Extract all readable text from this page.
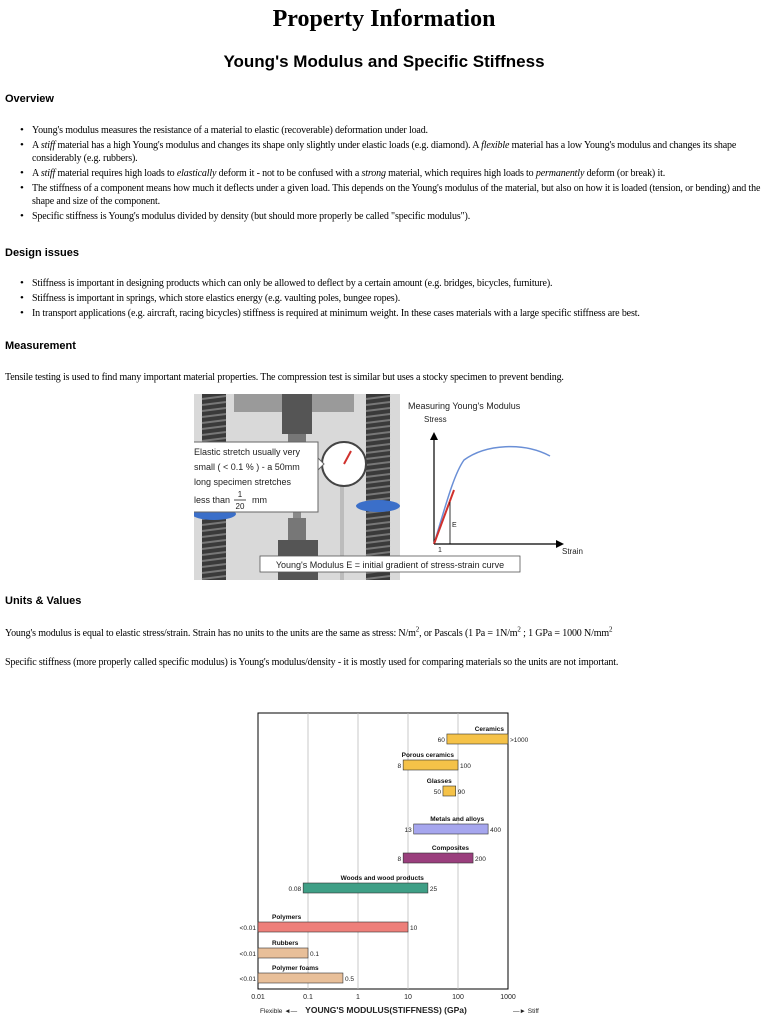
Property Information
Young's Modulus and Specific Stiffness
Overview
• Young's modulus measures the resistance of a material to elastic (recoverable) deformation under load.
• A stiff material has a high Young's modulus and changes its shape only slightly under elastic loads (e.g. diamond). A flexible material has a low Young's modulus and changes its shape considerably (e.g. rubbers).
• A stiff material requires high loads to elastically deform it - not to be confused with a strong material, which requires high loads to permanently deform (or break) it.
• The stiffness of a component means how much it deflects under a given load. This depends on the Young's modulus of the material, but also on how it is loaded (tension, or bending) and the shape and size of the component.
• Specific stiffness is Young's modulus divided by density (but should more properly be called "specific modulus").
Design issues
• Stiffness is important in designing products which can only be allowed to deflect by a certain amount (e.g. bridges, bicycles, furniture).
• Stiffness is important in springs, which store elastics energy (e.g. vaulting poles, bungee ropes).
• In transport applications (e.g. aircraft, racing bicycles) stiffness is required at minimum weight. In these cases materials with a large specific stiffness are best.
Measurement

Tensile testing is used to find many important material properties. The compression test is similar but uses a stocky specimen to prevent bending.

Elastic stretch usually very
small ( < 0.1 % ) - a 50mm
long specimen stretches
less than
1
20
mm
Measuring Young's Modulus
Stress
Strain
1
E
Young's Modulus E = initial gradient of stress-strain curve
Units & Values

Young's modulus is equal to elastic stress/strain. Strain has no units to the units are the same as stress: $N/m^2$, or Pascals (1 $Pa = 1N/m^2$ ; 1 GPa = 1000 $N/mm^2$

Specific stiffness (more properly called specific modulus) is Young's modulus/density - it is mostly used for comparing materials so the units are not important.

Ceramics
60	>1000
Porous ceramics
8	100
Glasses
50	90
Metals and alloys
13	400
Composites
8	200
Woods and wood products
0.08	25
Polymers
<0.01	10
Rubbers
<0.01	0.1
Polymer foams
<0.01	0.5
0.01	0.1	1	10	100	1000
Flexible ◄— YOUNG'S MODULUS(STIFFNESS) (GPa)	—► Stiff
